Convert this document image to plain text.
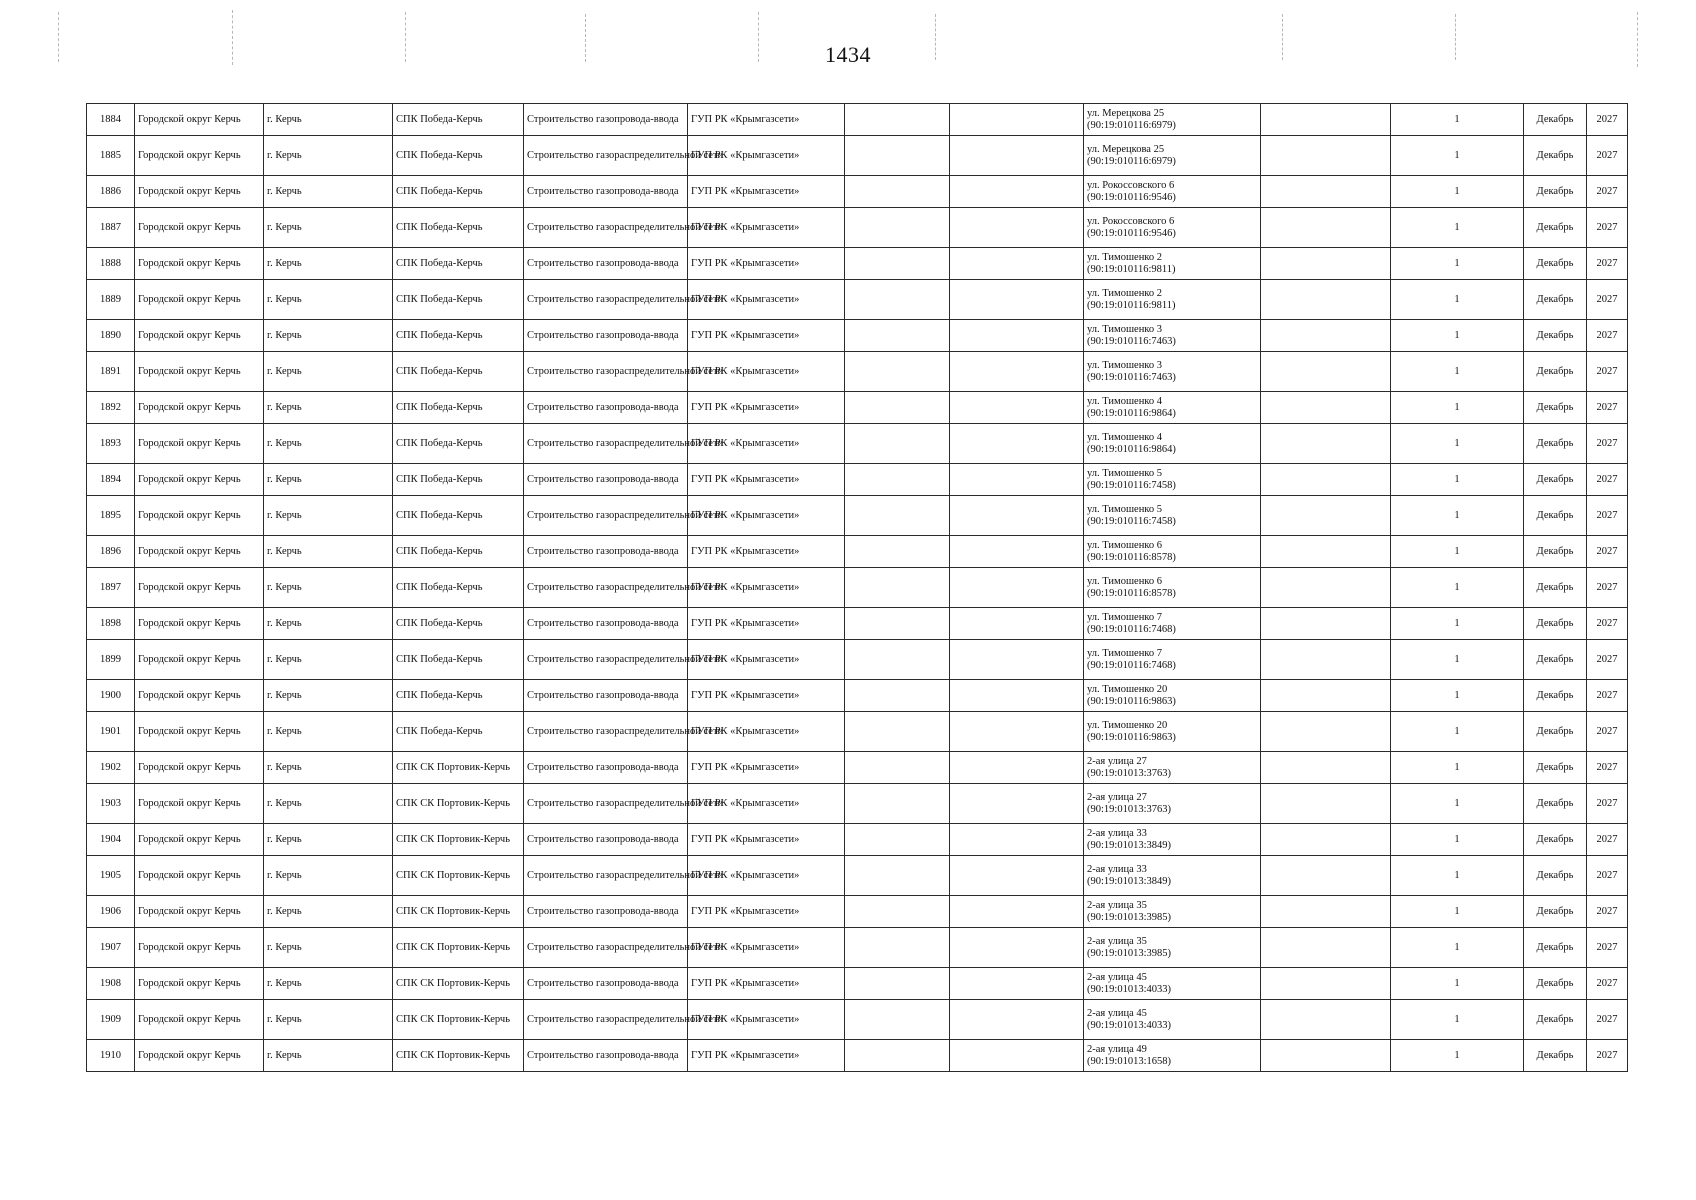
1434
1884	Городской округ Керчь	г. Керчь	СПК Победа-Керчь	Строительство газопровода-ввода	ГУП РК «Крымгазсети»			ул. Мерецкова 25
(90:19:010116:6979)		1	Декабрь	2027
1885	Городской округ Керчь	г. Керчь	СПК Победа-Керчь	Строительство газораспределительной сети	ГУП РК «Крымгазсети»			ул. Мерецкова 25
(90:19:010116:6979)		1	Декабрь	2027
1886	Городской округ Керчь	г. Керчь	СПК Победа-Керчь	Строительство газопровода-ввода	ГУП РК «Крымгазсети»			ул. Рокоссовского 6
(90:19:010116:9546)		1	Декабрь	2027
1887	Городской округ Керчь	г. Керчь	СПК Победа-Керчь	Строительство газораспределительной сети	ГУП РК «Крымгазсети»			ул. Рокоссовского 6
(90:19:010116:9546)		1	Декабрь	2027
1888	Городской округ Керчь	г. Керчь	СПК Победа-Керчь	Строительство газопровода-ввода	ГУП РК «Крымгазсети»			ул. Тимошенко 2
(90:19:010116:9811)		1	Декабрь	2027
1889	Городской округ Керчь	г. Керчь	СПК Победа-Керчь	Строительство газораспределительной сети	ГУП РК «Крымгазсети»			ул. Тимошенко 2
(90:19:010116:9811)		1	Декабрь	2027
1890	Городской округ Керчь	г. Керчь	СПК Победа-Керчь	Строительство газопровода-ввода	ГУП РК «Крымгазсети»			ул. Тимошенко 3
(90:19:010116:7463)		1	Декабрь	2027
1891	Городской округ Керчь	г. Керчь	СПК Победа-Керчь	Строительство газораспределительной сети	ГУП РК «Крымгазсети»			ул. Тимошенко 3
(90:19:010116:7463)		1	Декабрь	2027
1892	Городской округ Керчь	г. Керчь	СПК Победа-Керчь	Строительство газопровода-ввода	ГУП РК «Крымгазсети»			ул. Тимошенко 4
(90:19:010116:9864)		1	Декабрь	2027
1893	Городской округ Керчь	г. Керчь	СПК Победа-Керчь	Строительство газораспределительной сети	ГУП РК «Крымгазсети»			ул. Тимошенко 4
(90:19:010116:9864)		1	Декабрь	2027
1894	Городской округ Керчь	г. Керчь	СПК Победа-Керчь	Строительство газопровода-ввода	ГУП РК «Крымгазсети»			ул. Тимошенко 5
(90:19:010116:7458)		1	Декабрь	2027
1895	Городской округ Керчь	г. Керчь	СПК Победа-Керчь	Строительство газораспределительной сети	ГУП РК «Крымгазсети»			ул. Тимошенко 5
(90:19:010116:7458)		1	Декабрь	2027
1896	Городской округ Керчь	г. Керчь	СПК Победа-Керчь	Строительство газопровода-ввода	ГУП РК «Крымгазсети»			ул. Тимошенко 6
(90:19:010116:8578)		1	Декабрь	2027
1897	Городской округ Керчь	г. Керчь	СПК Победа-Керчь	Строительство газораспределительной сети	ГУП РК «Крымгазсети»			ул. Тимошенко 6
(90:19:010116:8578)		1	Декабрь	2027
1898	Городской округ Керчь	г. Керчь	СПК Победа-Керчь	Строительство газопровода-ввода	ГУП РК «Крымгазсети»			ул. Тимошенко 7
(90:19:010116:7468)		1	Декабрь	2027
1899	Городской округ Керчь	г. Керчь	СПК Победа-Керчь	Строительство газораспределительной сети	ГУП РК «Крымгазсети»			ул. Тимошенко 7
(90:19:010116:7468)		1	Декабрь	2027
1900	Городской округ Керчь	г. Керчь	СПК Победа-Керчь	Строительство газопровода-ввода	ГУП РК «Крымгазсети»			ул. Тимошенко 20
(90:19:010116:9863)		1	Декабрь	2027
1901	Городской округ Керчь	г. Керчь	СПК Победа-Керчь	Строительство газораспределительной сети	ГУП РК «Крымгазсети»			ул. Тимошенко 20
(90:19:010116:9863)		1	Декабрь	2027
1902	Городской округ Керчь	г. Керчь	СПК СК Портовик-Керчь	Строительство газопровода-ввода	ГУП РК «Крымгазсети»			2-ая улица 27
(90:19:01013:3763)		1	Декабрь	2027
1903	Городской округ Керчь	г. Керчь	СПК СК Портовик-Керчь	Строительство газораспределительной сети	ГУП РК «Крымгазсети»			2-ая улица 27
(90:19:01013:3763)		1	Декабрь	2027
1904	Городской округ Керчь	г. Керчь	СПК СК Портовик-Керчь	Строительство газопровода-ввода	ГУП РК «Крымгазсети»			2-ая улица 33
(90:19:01013:3849)		1	Декабрь	2027
1905	Городской округ Керчь	г. Керчь	СПК СК Портовик-Керчь	Строительство газораспределительной сети	ГУП РК «Крымгазсети»			2-ая улица 33
(90:19:01013:3849)		1	Декабрь	2027
1906	Городской округ Керчь	г. Керчь	СПК СК Портовик-Керчь	Строительство газопровода-ввода	ГУП РК «Крымгазсети»			2-ая улица 35
(90:19:01013:3985)		1	Декабрь	2027
1907	Городской округ Керчь	г. Керчь	СПК СК Портовик-Керчь	Строительство газораспределительной сети	ГУП РК «Крымгазсети»			2-ая улица 35
(90:19:01013:3985)		1	Декабрь	2027
1908	Городской округ Керчь	г. Керчь	СПК СК Портовик-Керчь	Строительство газопровода-ввода	ГУП РК «Крымгазсети»			2-ая улица 45
(90:19:01013:4033)		1	Декабрь	2027
1909	Городской округ Керчь	г. Керчь	СПК СК Портовик-Керчь	Строительство газораспределительной сети	ГУП РК «Крымгазсети»			2-ая улица 45
(90:19:01013:4033)		1	Декабрь	2027
1910	Городской округ Керчь	г. Керчь	СПК СК Портовик-Керчь	Строительство газопровода-ввода	ГУП РК «Крымгазсети»			2-ая улица 49
(90:19:01013:1658)		1	Декабрь	2027
